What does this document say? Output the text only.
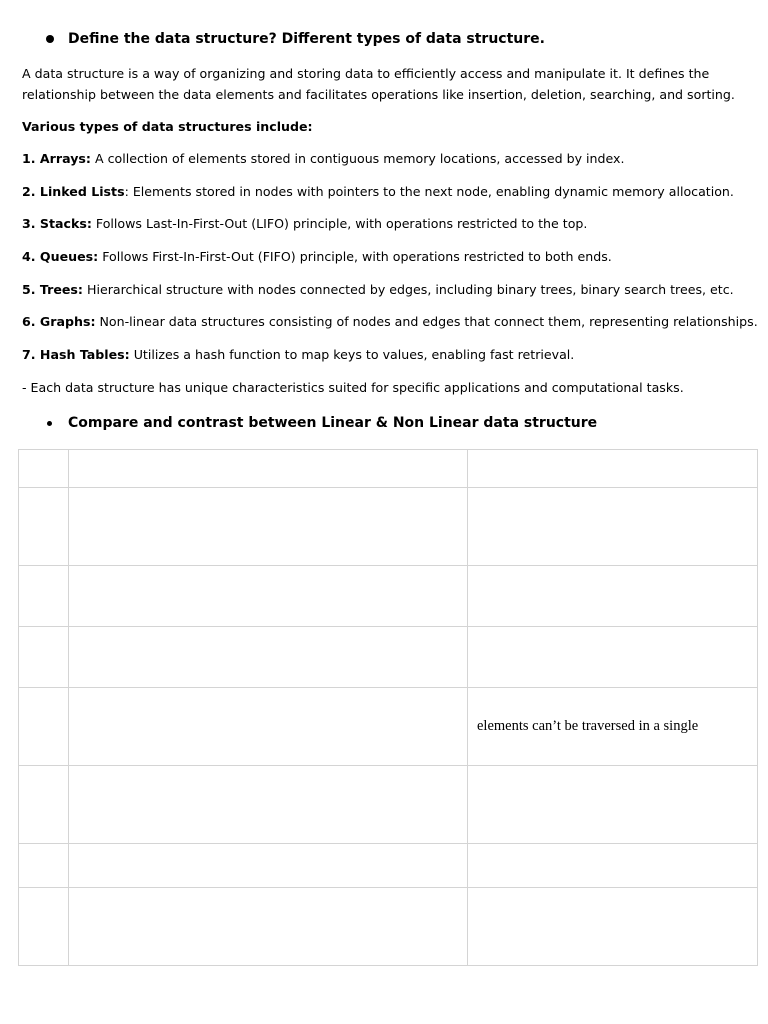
Define the data structure? Different types of data structure.
A data structure is a way of organizing and storing data to efficiently access and manipulate it. It defines the
relationship between the data elements and facilitates operations like insertion, deletion, searching, and sorting.
Various types of data structures include:
1. Arrays: A collection of elements stored in contiguous memory locations, accessed by index.
2. Linked Lists: Elements stored in nodes with pointers to the next node, enabling dynamic memory allocation.
3. Stacks: Follows Last-In-First-Out (LIFO) principle, with operations restricted to the top.
4. Queues: Follows First-In-First-Out (FIFO) principle, with operations restricted to both ends.
5. Trees: Hierarchical structure with nodes connected by edges, including binary trees, binary search trees, etc.
6. Graphs: Non-linear data structures consisting of nodes and edges that connect them, representing relationships.
7. Hash Tables: Utilizes a hash function to map keys to values, enabling fast retrieval.
- Each data structure has unique characteristics suited for specific applications and computational tasks.
Compare and contrast between Linear & Non Linear data structure

		elements can’t be traversed in a single
